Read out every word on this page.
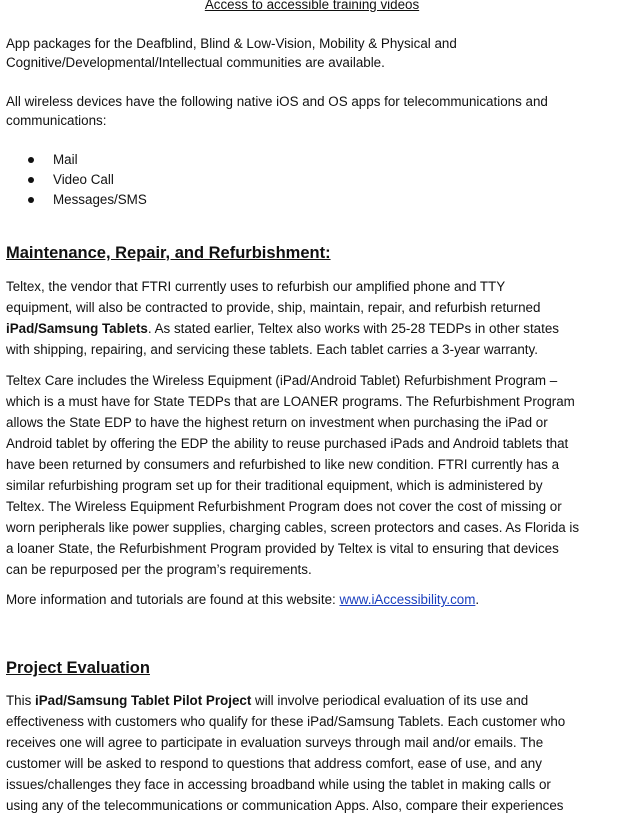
Access to accessible training videos
App packages for the Deafblind, Blind & Low-Vision, Mobility & Physical and
Cognitive/Developmental/Intellectual communities are available.
All wireless devices have the following native iOS and OS apps for telecommunications and
communications:
Mail
Video Call
Messages/SMS
Maintenance, Repair, and Refurbishment:
Teltex, the vendor that FTRI currently uses to refurbish our amplified phone and TTY
equipment, will also be contracted to provide, ship, maintain, repair, and refurbish returned
iPad/Samsung Tablets. As stated earlier, Teltex also works with 25-28 TEDPs in other states
with shipping, repairing, and servicing these tablets. Each tablet carries a 3-year warranty.
Teltex Care includes the Wireless Equipment (iPad/Android Tablet) Refurbishment Program –
which is a must have for State TEDPs that are LOANER programs. The Refurbishment Program
allows the State EDP to have the highest return on investment when purchasing the iPad or
Android tablet by offering the EDP the ability to reuse purchased iPads and Android tablets that
have been returned by consumers and refurbished to like new condition. FTRI currently has a
similar refurbishing program set up for their traditional equipment, which is administered by
Teltex. The Wireless Equipment Refurbishment Program does not cover the cost of missing or
worn peripherals like power supplies, charging cables, screen protectors and cases. As Florida is
a loaner State, the Refurbishment Program provided by Teltex is vital to ensuring that devices
can be repurposed per the program’s requirements.
More information and tutorials are found at this website: www.iAccessibility.com.
Project Evaluation
This iPad/Samsung Tablet Pilot Project will involve periodical evaluation of its use and
effectiveness with customers who qualify for these iPad/Samsung Tablets. Each customer who
receives one will agree to participate in evaluation surveys through mail and/or emails. The
customer will be asked to respond to questions that address comfort, ease of use, and any
issues/challenges they face in accessing broadband while using the tablet in making calls or
using any of the telecommunications or communication Apps. Also, compare their experiences
